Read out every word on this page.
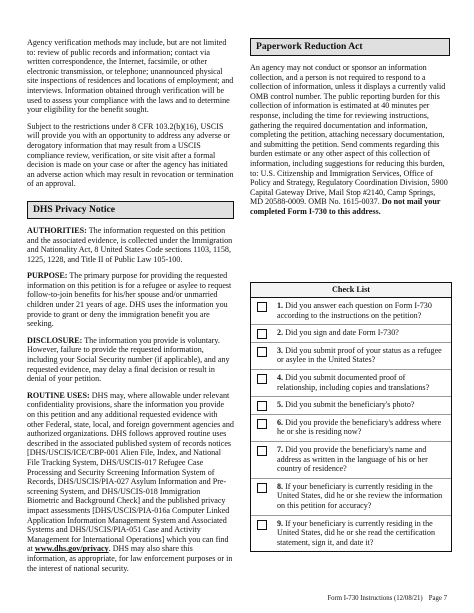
Agency verification methods may include, but are not limited to: review of public records and information; contact via written correspondence, the Internet, facsimile, or other electronic transmission, or telephone; unannounced physical site inspections of residences and locations of employment; and interviews. Information obtained through verification will be used to assess your compliance with the laws and to determine your eligibility for the benefit sought.

Subject to the restrictions under 8 CFR 103.2(b)(16), USCIS will provide you with an opportunity to address any adverse or derogatory information that may result from a USCIS compliance review, verification, or site visit after a formal decision is made on your case or after the agency has initiated an adverse action which may result in revocation or termination of an approval.

DHS Privacy Notice

AUTHORITIES: The information requested on this petition and the associated evidence, is collected under the Immigration and Nationality Act, 8 United States Code sections 1103, 1158, 1225, 1228, and Title II of Public Law 105-100.

PURPOSE: The primary purpose for providing the requested information on this petition is for a refugee or asylee to request follow-to-join benefits for his/her spouse and/or unmarried children under 21 years of age. DHS uses the information you provide to grant or deny the immigration benefit you are seeking.

DISCLOSURE: The information you provide is voluntary. However, failure to provide the requested information, including your Social Security number (if applicable), and any requested evidence, may delay a final decision or result in denial of your petition.

ROUTINE USES: DHS may, where allowable under relevant confidentiality provisions, share the information you provide on this petition and any additional requested evidence with other Federal, state, local, and foreign government agencies and authorized organizations. DHS follows approved routine uses described in the associated published system of records notices [DHS/USCIS/ICE/CBP-001 Alien File, Index, and National File Tracking System, DHS/USCIS-017 Refugee Case Processing and Security Screening Information System of Records, DHS/USCIS/PIA-027 Asylum Information and Pre-screening System, and DHS/USCIS-018 Immigration Biometric and Background Check] and the published privacy impact assessments [DHS/USCIS/PIA-016a Computer Linked Application Information Management System and Associated Systems and DHS/USCIS/PIA-051 Case and Activity Management for International Operations] which you can find at www.dhs.gov/privacy. DHS may also share this information, as appropriate, for law enforcement purposes or in the interest of national security.

Paperwork Reduction Act

An agency may not conduct or sponsor an information collection, and a person is not required to respond to a collection of information, unless it displays a currently valid OMB control number. The public reporting burden for this collection of information is estimated at 40 minutes per response, including the time for reviewing instructions, gathering the required documentation and information, completing the petition, attaching necessary documentation, and submitting the petition. Send comments regarding this burden estimate or any other aspect of this collection of information, including suggestions for reducing this burden, to: U.S. Citizenship and Immigration Services, Office of Policy and Strategy, Regulatory Coordination Division, 5900 Capital Gateway Drive, Mail Stop #2140, Camp Springs, MD 20588-0009. OMB No. 1615-0037. Do not mail your completed Form I-730 to this address.

Check List
1. Did you answer each question on Form I-730 according to the instructions on the petition?
2. Did you sign and date Form I-730?
3. Did you submit proof of your status as a refugee or asylee in the United States?
4. Did you submit documented proof of relationship, including copies and translations?
5. Did you submit the beneficiary's photo?
6. Did you provide the beneficiary's address where he or she is residing now?
7. Did you provide the beneficiary's name and address as written in the language of his or her country of residence?
8. If your beneficiary is currently residing in the United States, did he or she review the information on this petition for accuracy?
9. If your beneficiary is currently residing in the United States, did he or she read the certification statement, sign it, and date it?
Form I-730 Instructions (12/08/21) Page 7
